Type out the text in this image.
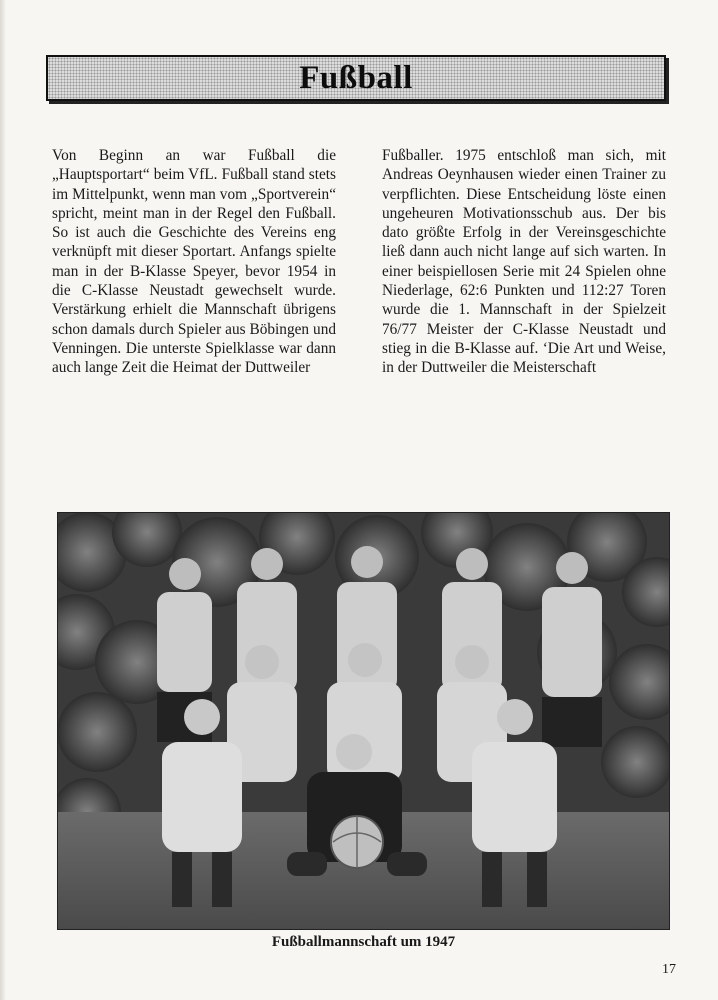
Fußball

Von Beginn an war Fußball die „Hauptsportart“ beim VfL. Fußball stand stets im Mittelpunkt, wenn man vom „Sportverein“ spricht, meint man in der Regel den Fußball. So ist auch die Geschichte des Vereins eng verknüpft mit dieser Sportart. Anfangs spielte man in der B-Klasse Speyer, bevor 1954 in die C-Klasse Neustadt gewechselt wurde. Verstärkung erhielt die Mannschaft übrigens schon damals durch Spieler aus Böbingen und Venningen. Die unterste Spielklasse war dann auch lange Zeit die Heimat der Duttweiler

Fußballer. 1975 entschloß man sich, mit Andreas Oeynhausen wieder einen Trainer zu verpflichten. Diese Entscheidung löste einen ungeheuren Motivationsschub aus. Der bis dato größte Erfolg in der Vereinsgeschichte ließ dann auch nicht lange auf sich warten. In einer beispiellosen Serie mit 24 Spielen ohne Niederlage, 62:6 Punkten und 112:27 Toren wurde die 1. Mannschaft in der Spielzeit 76/77 Meister der C-Klasse Neustadt und stieg in die B-Klasse auf. ‘Die Art und Weise, in der Duttweiler die Meisterschaft

Fußballmannschaft um 1947
17
